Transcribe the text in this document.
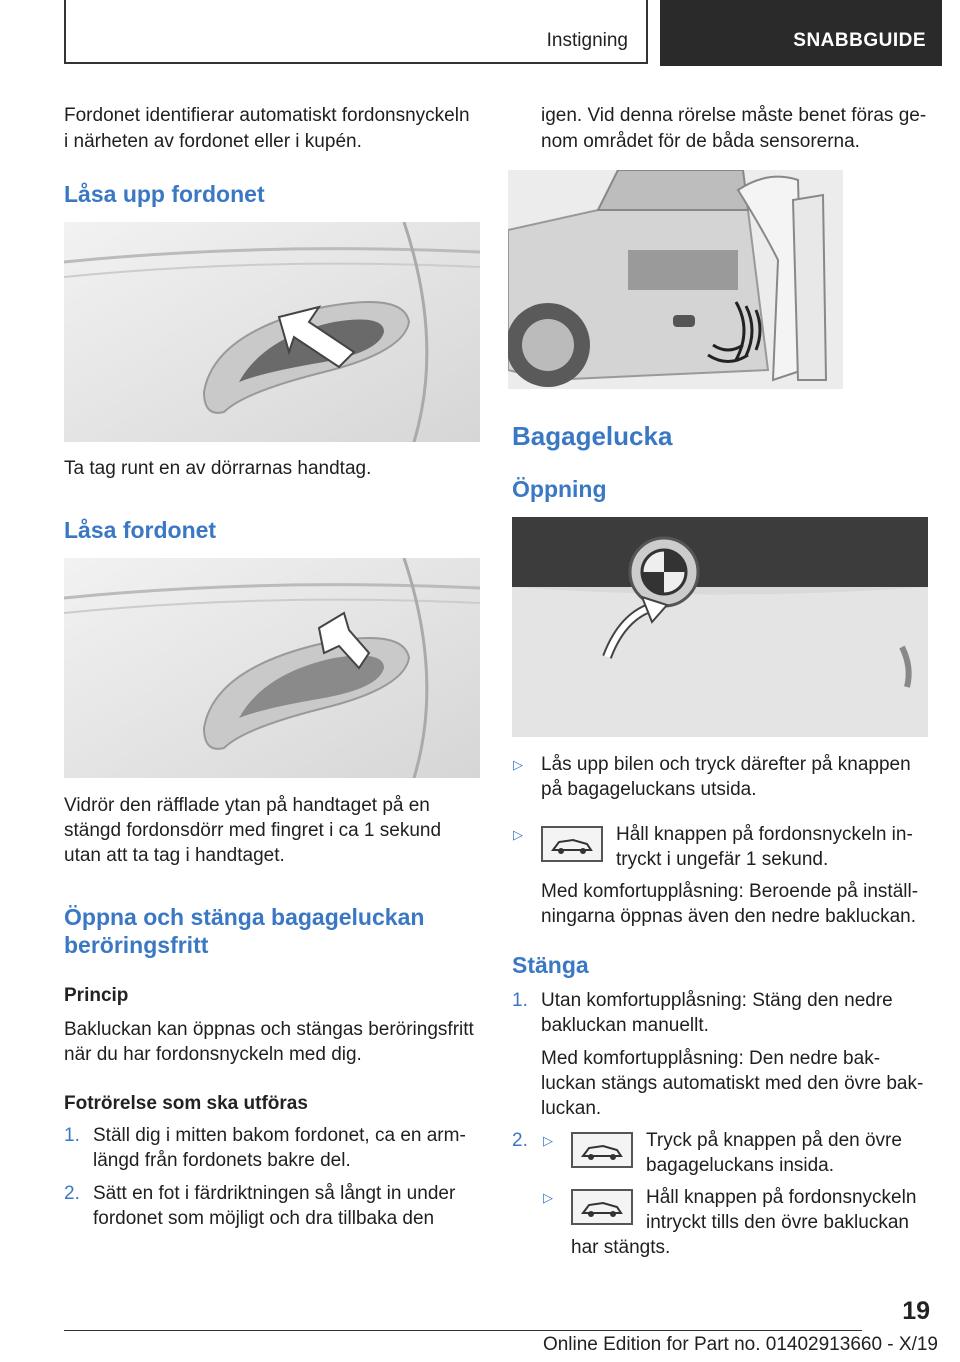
Instigning	SNABBGUIDE
Fordonet identifierar automatiskt fordonsnyckeln
i närheten av fordonet eller i kupén.
Låsa upp fordonet
Ta tag runt en av dörrarnas handtag.
Låsa fordonet
Vidrör den räfflade ytan på handtaget på en
stängd fordonsdörr med fingret i ca 1 sekund
utan att ta tag i handtaget.
Öppna och stänga bagageluckan
beröringsfritt
Princip
Bakluckan kan öppnas och stängas beröringsfritt
när du har fordonsnyckeln med dig.
Fotrörelse som ska utföras
1. Ställ dig i mitten bakom fordonet, ca en arm-
längd från fordonets bakre del.
2. Sätt en fot i färdriktningen så långt in under
fordonet som möjligt och dra tillbaka den
igen. Vid denna rörelse måste benet föras ge-
nom området för de båda sensorerna.
Bagagelucka
Öppning
▷ Lås upp bilen och tryck därefter på knappen
på bagageluckans utsida.
▷	Håll knappen på fordonsnyckeln in-
tryckt i ungefär 1 sekund.
Med komfortupplåsning: Beroende på inställ-
ningarna öppnas även den nedre bakluckan.
Stänga
1. Utan komfortupplåsning: Stäng den nedre
bakluckan manuellt.
Med komfortupplåsning: Den nedre bak-
luckan stängs automatiskt med den övre bak-
luckan.
2. ▷	Tryck på knappen på den övre
bagageluckans insida.
▷	Håll knappen på fordonsnyckeln
intryckt tills den övre bakluckan
har stängts.
19
Online Edition for Part no. 01402913660 - X/19
